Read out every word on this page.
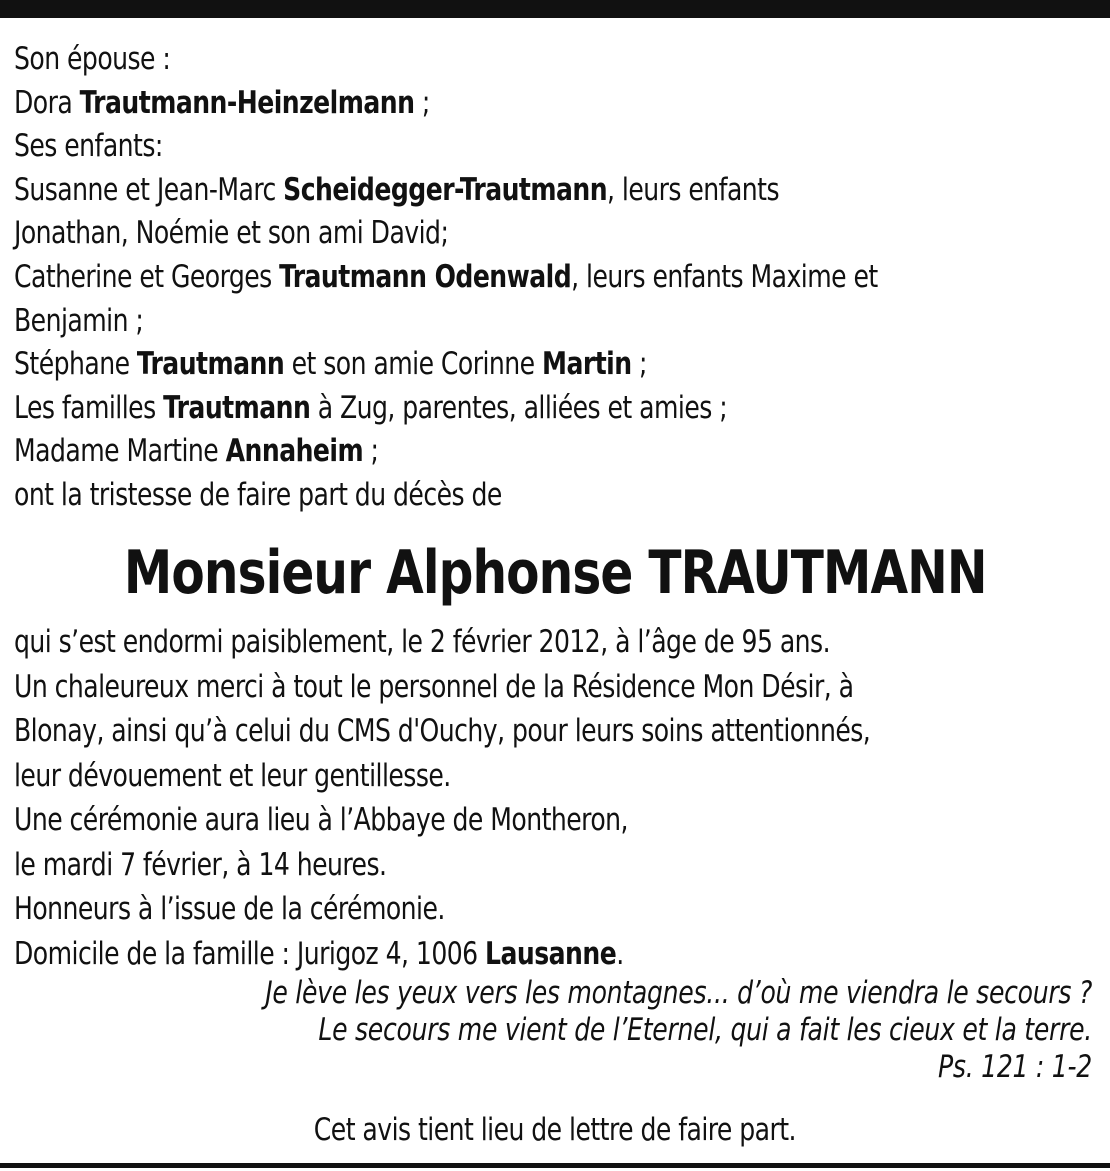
Son épouse :
Dora Trautmann-Heinzelmann ;
Ses enfants:
Susanne et Jean-Marc Scheidegger-Trautmann, leurs enfants
Jonathan, Noémie et son ami David;
Catherine et Georges Trautmann Odenwald, leurs enfants Maxime et
Benjamin ;
Stéphane Trautmann et son amie Corinne Martin ;
Les familles Trautmann à Zug, parentes, alliées et amies ;
Madame Martine Annaheim ;
ont la tristesse de faire part du décès de
Monsieur Alphonse TRAUTMANN
qui s’est endormi paisiblement, le 2 février 2012, à l’âge de 95 ans.
Un chaleureux merci à tout le personnel de la Résidence Mon Désir, à
Blonay, ainsi qu’à celui du CMS d'Ouchy, pour leurs soins attentionnés,
leur dévouement et leur gentillesse.
Une cérémonie aura lieu à l’Abbaye de Montheron,
le mardi 7 février, à 14 heures.
Honneurs à l’issue de la cérémonie.
Domicile de la famille : Jurigoz 4, 1006 Lausanne.
Je lève les yeux vers les montagnes... d’où me viendra le secours ?
Le secours me vient de l’Eternel, qui a fait les cieux et la terre.
Ps. 121 : 1-2
Cet avis tient lieu de lettre de faire part.
